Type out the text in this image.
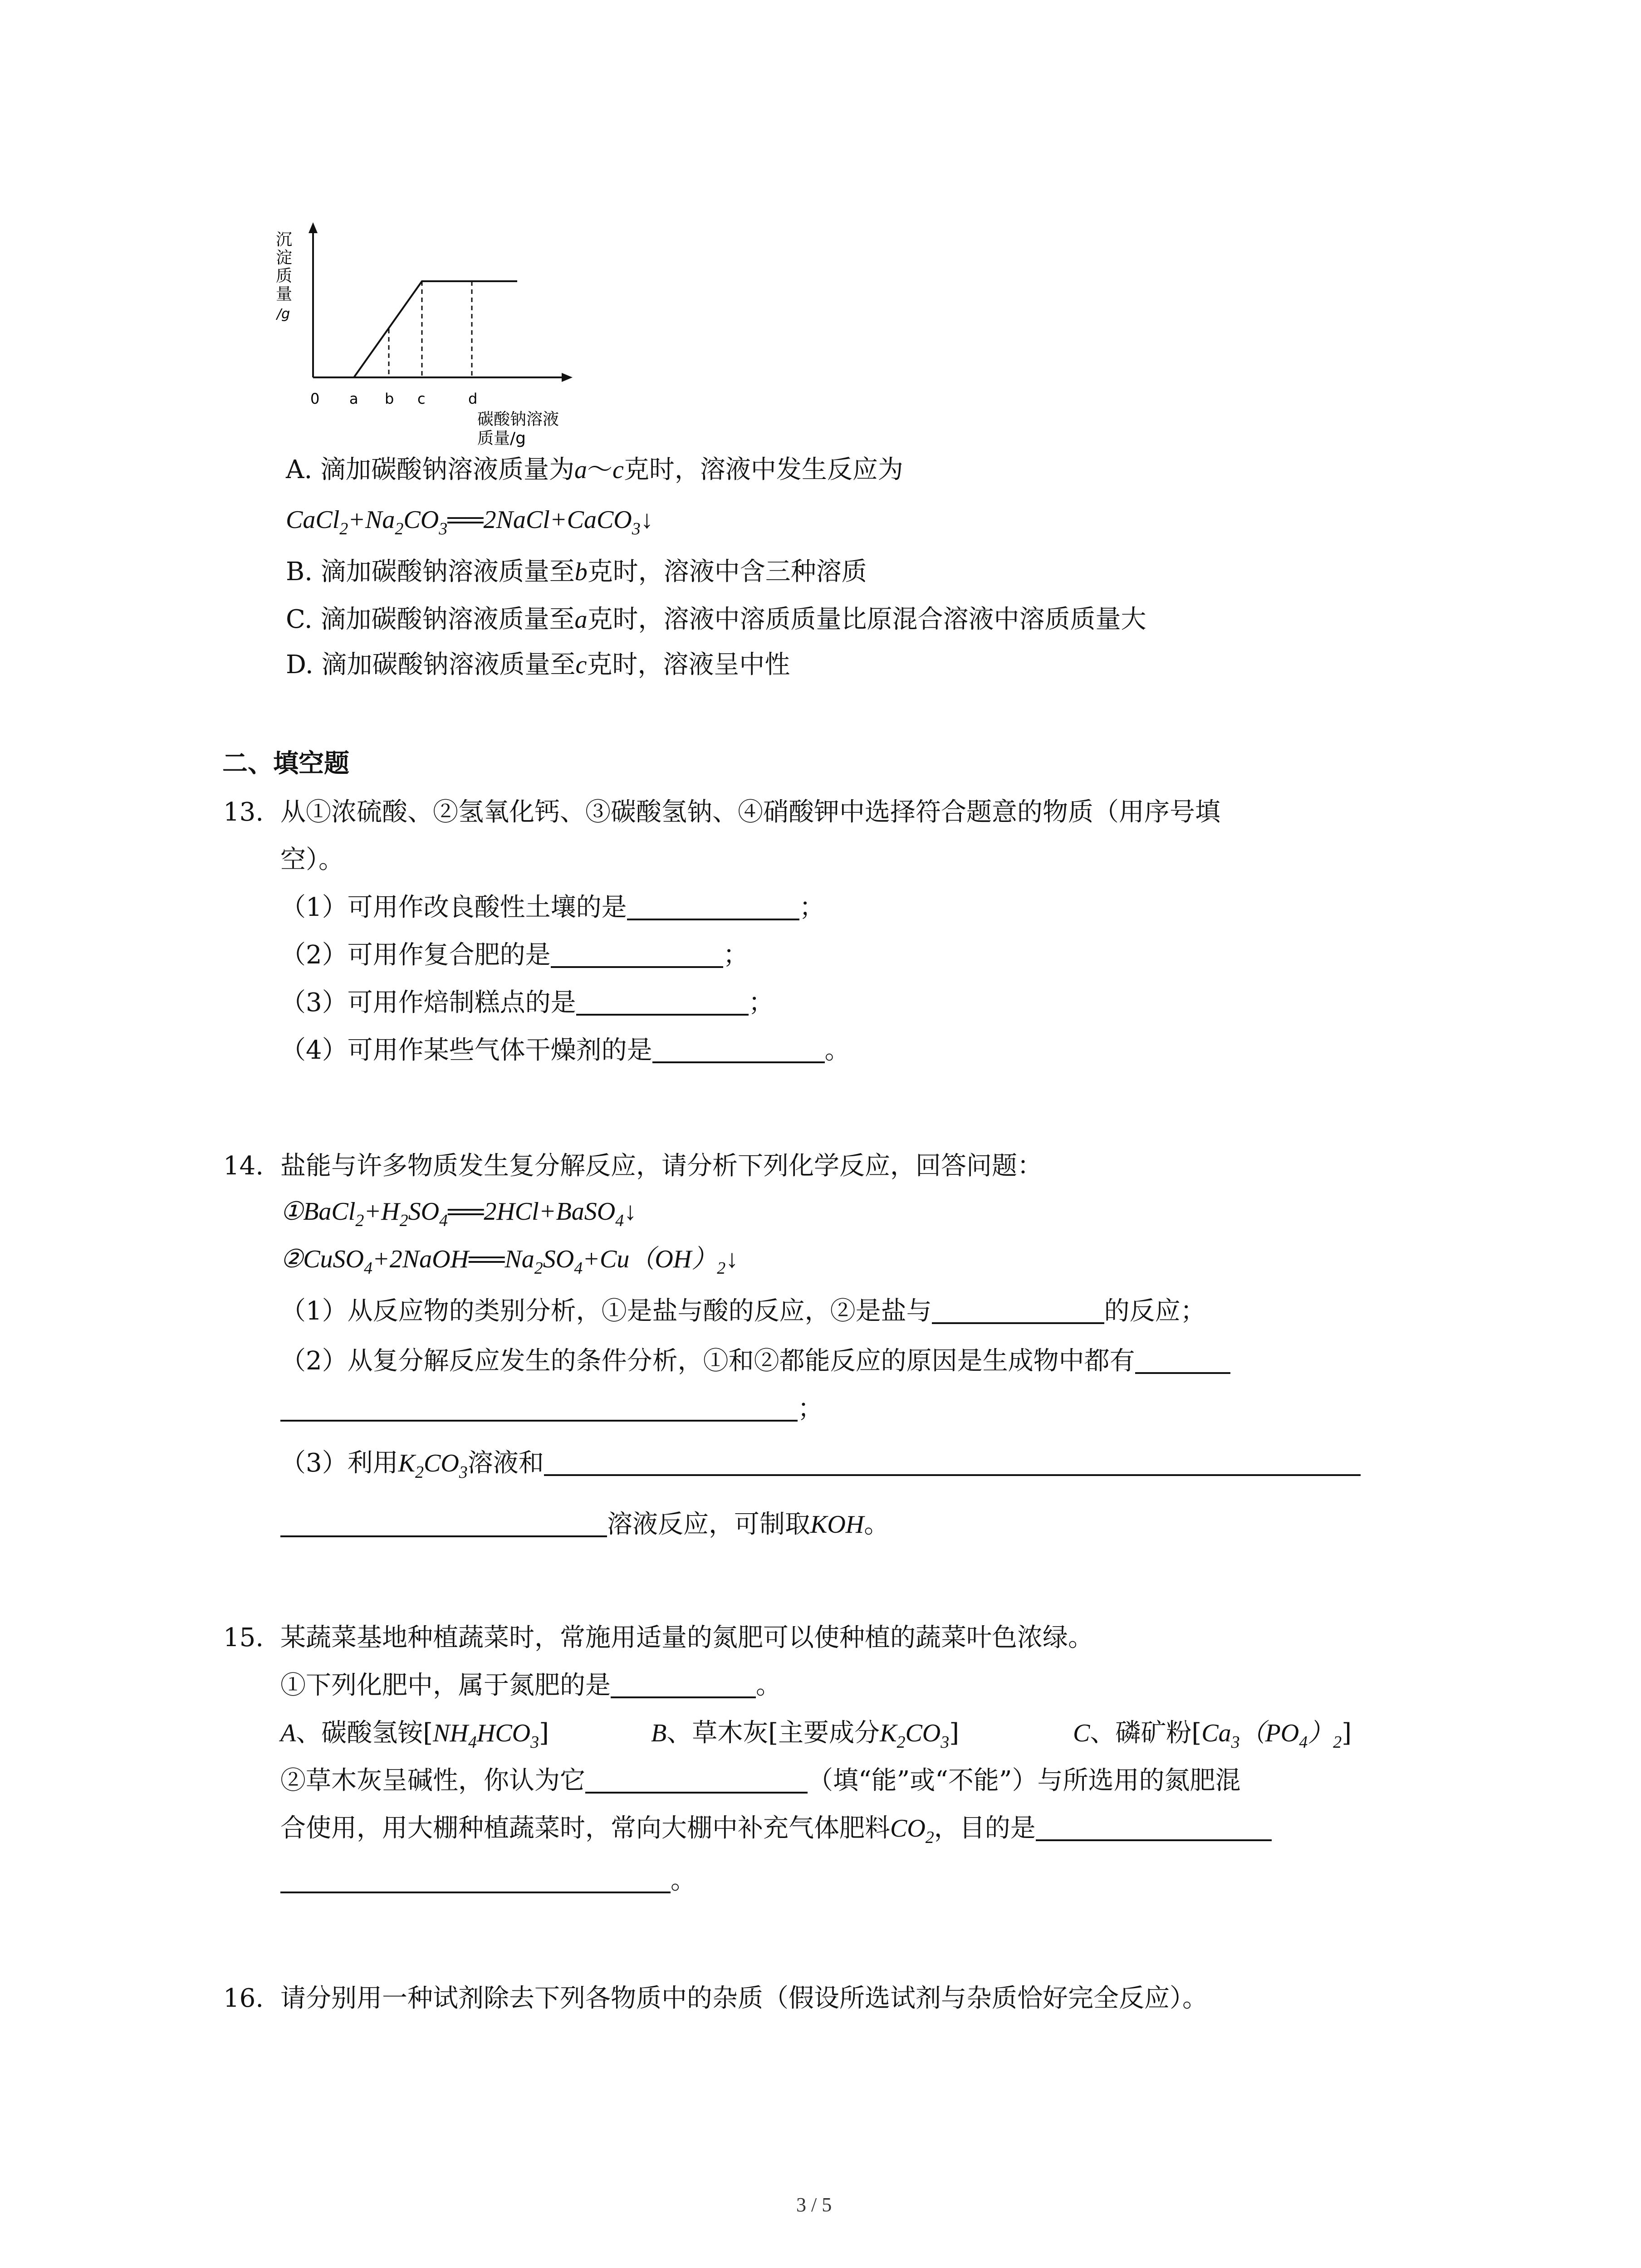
沉
淀
质
量
/g
0 a b c	d
碳酸钠溶液
质量/g
A. 滴加碳酸钠溶液质量为a～c克时，溶液中发生反应为
$CaCl_2+Na_2CO_3══2NaCl+CaCO_3↓$
B. 滴加碳酸钠溶液质量至b克时，溶液中含三种溶质
C. 滴加碳酸钠溶液质量至a克时，溶液中溶质质量比原混合溶液中溶质质量大
D. 滴加碳酸钠溶液质量至c克时，溶液呈中性
二、填空题
13. 从①浓硫酸、②氢氧化钙、③碳酸氢钠、④硝酸钾中选择符合题意的物质（用序号填
空）。
（1）可用作改良酸性土壤的是	；
（2）可用作复合肥的是	；
（3）可用作焙制糕点的是	；
（4）可用作某些气体干燥剂的是	。
14. 盐能与许多物质发生复分解反应，请分析下列化学反应，回答问题：
$①BaCl_2+H_2SO_4══2HCl+BaSO_4↓$
$②CuSO_4+2NaOH══Na_2SO_4+Cu(OH)_2↓$
（1）从反应物的类别分析，①是盐与酸的反应，②是盐与	的反应；
（2）从复分解反应发生的条件分析，①和②都能反应的原因是生成物中都有
；
（3）利用$K_2CO_3$溶液和
溶液反应，可制取KOH。
15. 某蔬菜基地种植蔬菜时，常施用适量的氮肥可以使种植的蔬菜叶色浓绿。
①下列化肥中，属于氮肥的是	。
A、碳酸氢铵$[NH_4HCO_3]$	B、草木灰[主要成分$K_2CO_3$]	C、磷矿粉$[Ca_3(PO_4)_2]$
②草木灰呈碱性，你认为它	（填“能”或“不能”）与所选用的氮肥混
合使用，用大棚种植蔬菜时，常向大棚中补充气体肥料$CO_2$，目的是
。
16. 请分别用一种试剂除去下列各物质中的杂质（假设所选试剂与杂质恰好完全反应）。
3 / 5
